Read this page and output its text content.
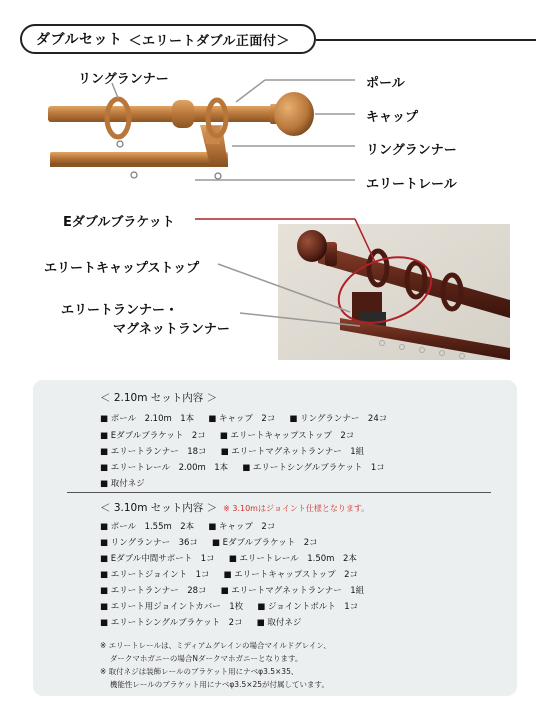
ダブルセット ＜エリートダブル正面付＞
リングランナー	ポール
キャップ
リングランナー
エリートレール
Eダブルブラケット
エリートキャップストップ
エリートランナー・
マグネットランナー
＜ 2.10m セット内容 ＞
■ ポール　2.10m　1本 ■ キャップ　2コ ■ リングランナー　24コ
■ Eダブルブラケット　2コ ■ エリートキャップストップ　2コ
■ エリートランナー　18コ ■ エリートマグネットランナー　1組
■ エリートレール　2.00m　1本 ■ エリートシングルブラケット　1コ
■ 取付ネジ
＜ 3.10m セット内容 ＞ ※ 3.10mはジョイント仕様となります。
■ ポール　1.55m　2本 ■ キャップ　2コ
■ リングランナー　36コ ■ Eダブルブラケット　2コ
■ Eダブル中間サポート　1コ ■ エリートレール　1.50m　2本
■ エリートジョイント　1コ ■ エリートキャップストップ　2コ
■ エリートランナー　28コ ■ エリートマグネットランナー　1組
■ エリート用ジョイントカバー　1枚 ■ ジョイントボルト　1コ
■ エリートシングルブラケット　2コ ■ 取付ネジ
※ エリートレールは、ミディアムグレインの場合マイルドグレイン、
　 ダークマホガニーの場合Nダークマホガニーとなります。
※ 取付ネジは装飾レールのブラケット用にナベφ3.5×35、
　 機能性レールのブラケット用にナベφ3.5×25が付属しています。
